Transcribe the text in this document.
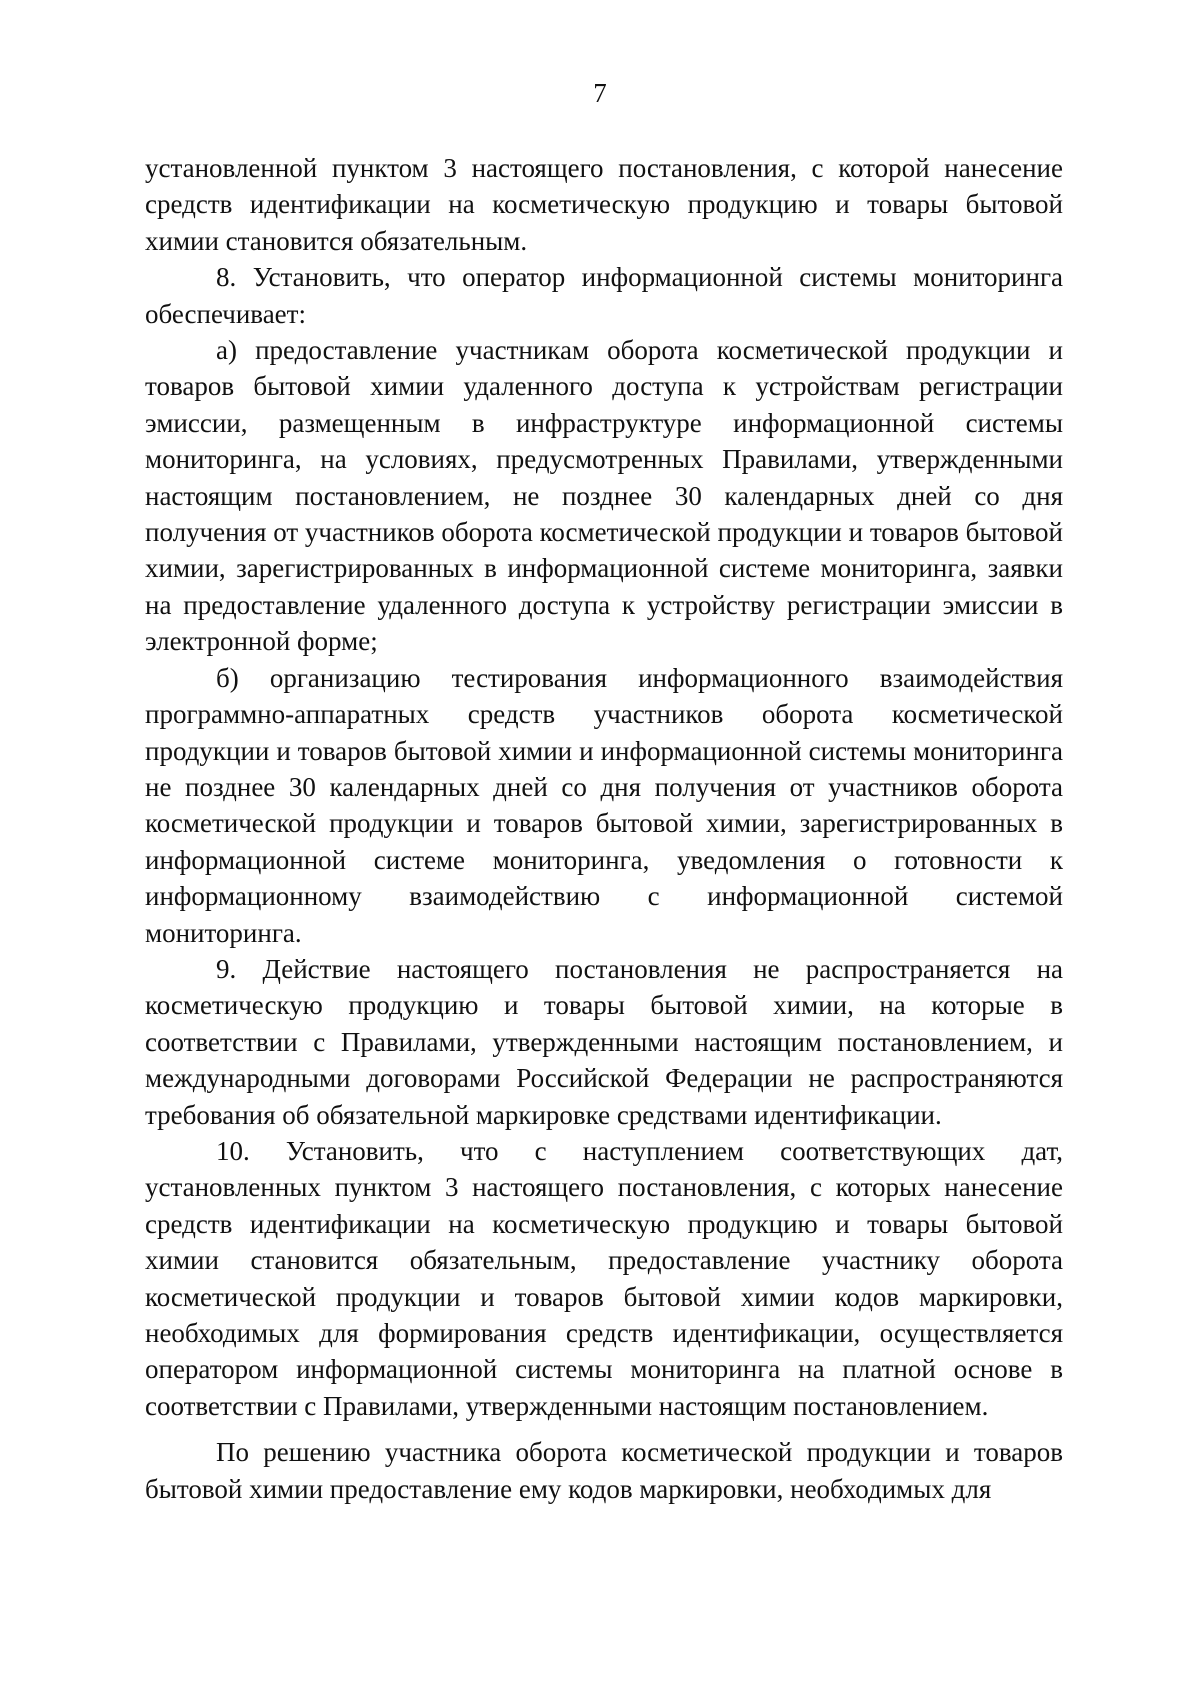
7

установленной пунктом 3 настоящего постановления, с которой нанесение средств идентификации на косметическую продукцию и товары бытовой химии становится обязательным.

8. Установить, что оператор информационной системы мониторинга обеспечивает:

а) предоставление участникам оборота косметической продукции и товаров бытовой химии удаленного доступа к устройствам регистрации эмиссии, размещенным в инфраструктуре информационной системы мониторинга, на условиях, предусмотренных Правилами, утвержденными настоящим постановлением, не позднее 30 календарных дней со дня получения от участников оборота косметической продукции и товаров бытовой химии, зарегистрированных в информационной системе мониторинга, заявки на предоставление удаленного доступа к устройству регистрации эмиссии в электронной форме;

б) организацию тестирования информационного взаимодействия программно-аппаратных средств участников оборота косметической продукции и товаров бытовой химии и информационной системы мониторинга не позднее 30 календарных дней со дня получения от участников оборота косметической продукции и товаров бытовой химии, зарегистрированных в информационной системе мониторинга, уведомления о готовности к информационному взаимодействию с информационной системой мониторинга.

9. Действие настоящего постановления не распространяется на косметическую продукцию и товары бытовой химии, на которые в соответствии с Правилами, утвержденными настоящим постановлением, и международными договорами Российской Федерации не распространяются требования об обязательной маркировке средствами идентификации.

10. Установить, что с наступлением соответствующих дат, установленных пунктом 3 настоящего постановления, с которых нанесение средств идентификации на косметическую продукцию и товары бытовой химии становится обязательным, предоставление участнику оборота косметической продукции и товаров бытовой химии кодов маркировки, необходимых для формирования средств идентификации, осуществляется оператором информационной системы мониторинга на платной основе в соответствии с Правилами, утвержденными настоящим постановлением.

По решению участника оборота косметической продукции и товаров бытовой химии предоставление ему кодов маркировки, необходимых для
